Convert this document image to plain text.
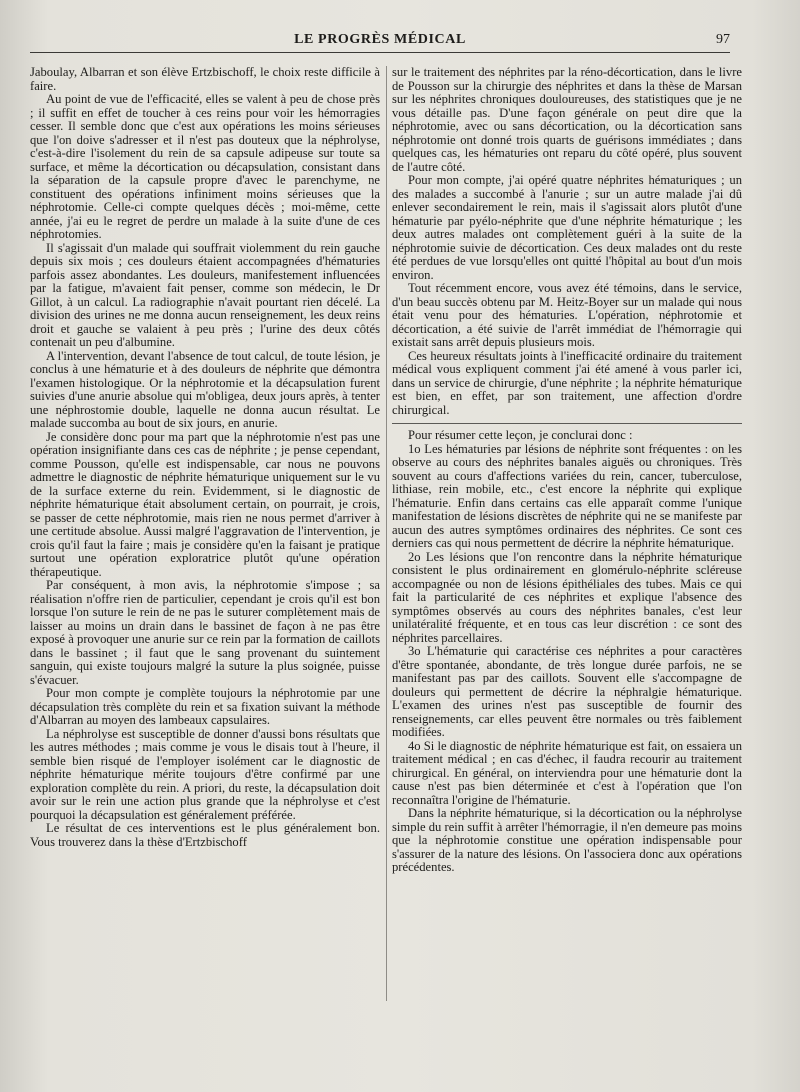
LE PROGRÈS MÉDICAL	97

Jaboulay, Albarran et son élève Ertzbischoff, le choix reste difficile à faire.

Au point de vue de l'efficacité, elles se valent à peu de chose près ; il suffit en effet de toucher à ces reins pour voir les hémorragies cesser. Il semble donc que c'est aux opérations les moins sérieuses que l'on doive s'adresser et il n'est pas douteux que la néphrolyse, c'est-à-dire l'isolement du rein de sa capsule adipeuse sur toute sa surface, et même la décortication ou décapsulation, consistant dans la séparation de la capsule propre d'avec le parenchyme, ne constituent des opérations infiniment moins sérieuses que la néphrotomie. Celle-ci compte quelques décès ; moi-même, cette année, j'ai eu le regret de perdre un malade à la suite d'une de ces néphrotomies.

Il s'agissait d'un malade qui souffrait violemment du rein gauche depuis six mois ; ces douleurs étaient accompagnées d'hématuries parfois assez abondantes. Les douleurs, manifestement influencées par la fatigue, m'avaient fait penser, comme son médecin, le Dr Gillot, à un calcul. La radiographie n'avait pourtant rien décelé. La division des urines ne me donna aucun renseignement, les deux reins droit et gauche se valaient à peu près ; l'urine des deux côtés contenait un peu d'albumine.

A l'intervention, devant l'absence de tout calcul, de toute lésion, je conclus à une hématurie et à des douleurs de néphrite que démontra l'examen histologique. Or la néphrotomie et la décapsulation furent suivies d'une anurie absolue qui m'obligea, deux jours après, à tenter une néphrostomie double, laquelle ne donna aucun résultat. Le malade succomba au bout de six jours, en anurie.

Je considère donc pour ma part que la néphrotomie n'est pas une opération insignifiante dans ces cas de néphrite ; je pense cependant, comme Pousson, qu'elle est indispensable, car nous ne pouvons admettre le diagnostic de néphrite hématurique uniquement sur le vu de la surface externe du rein. Evidemment, si le diagnostic de néphrite hématurique était absolument certain, on pourrait, je crois, se passer de cette néphrotomie, mais rien ne nous permet d'arriver à une certitude absolue. Aussi malgré l'aggravation de l'intervention, je crois qu'il faut la faire ; mais je considère qu'en la faisant je pratique surtout une opération exploratrice plutôt qu'une opération thérapeutique.

Par conséquent, à mon avis, la néphrotomie s'impose ; sa réalisation n'offre rien de particulier, cependant je crois qu'il est bon lorsque l'on suture le rein de ne pas le suturer complètement mais de laisser au moins un drain dans le bassinet de façon à ne pas être exposé à provoquer une anurie sur ce rein par la formation de caillots dans le bassinet ; il faut que le sang provenant du suintement sanguin, qui existe toujours malgré la suture la plus soignée, puisse s'évacuer.

Pour mon compte je complète toujours la néphrotomie par une décapsulation très complète du rein et sa fixation suivant la méthode d'Albarran au moyen des lambeaux capsulaires.

La néphrolyse est susceptible de donner d'aussi bons résultats que les autres méthodes ; mais comme je vous le disais tout à l'heure, il semble bien risqué de l'employer isolément car le diagnostic de néphrite hématurique mérite toujours d'être confirmé par une exploration complète du rein. A priori, du reste, la décapsulation doit avoir sur le rein une action plus grande que la néphrolyse et c'est pourquoi la décapsulation est généralement préférée.

Le résultat de ces interventions est le plus généralement bon. Vous trouverez dans la thèse d'Ertzbischoff

sur le traitement des néphrites par la réno-décortication, dans le livre de Pousson sur la chirurgie des néphrites et dans la thèse de Marsan sur les néphrites chroniques douloureuses, des statistiques que je ne vous détaille pas. D'une façon générale on peut dire que la néphrotomie, avec ou sans décortication, ou la décortication sans néphrotomie ont donné trois quarts de guérisons immédiates ; dans quelques cas, les hématuries ont reparu du côté opéré, plus souvent de l'autre côté.

Pour mon compte, j'ai opéré quatre néphrites hématuriques ; un des malades a succombé à l'anurie ; sur un autre malade j'ai dû enlever secondairement le rein, mais il s'agissait alors plutôt d'une hématurie par pyélo-néphrite que d'une néphrite hématurique ; les deux autres malades ont complètement guéri à la suite de la néphrotomie suivie de décortication. Ces deux malades ont du reste été perdues de vue lorsqu'elles ont quitté l'hôpital au bout d'un mois environ.

Tout récemment encore, vous avez été témoins, dans le service, d'un beau succès obtenu par M. Heitz-Boyer sur un malade qui nous était venu pour des hématuries. L'opération, néphrotomie et décortication, a été suivie de l'arrêt immédiat de l'hémorragie qui existait sans arrêt depuis plusieurs mois.

Ces heureux résultats joints à l'inefficacité ordinaire du traitement médical vous expliquent comment j'ai été amené à vous parler ici, dans un service de chirurgie, d'une néphrite ; la néphrite hématurique est bien, en effet, par son traitement, une affection d'ordre chirurgical.

Pour résumer cette leçon, je conclurai donc :

1o Les hématuries par lésions de néphrite sont fréquentes : on les observe au cours des néphrites banales aiguës ou chroniques. Très souvent au cours d'affections variées du rein, cancer, tuberculose, lithiase, rein mobile, etc., c'est encore la néphrite qui explique l'hématurie. Enfin dans certains cas elle apparaît comme l'unique manifestation de lésions discrètes de néphrite qui ne se manifeste par aucun des autres symptômes ordinaires des néphrites. Ce sont ces derniers cas qui nous permettent de décrire la néphrite hématurique.

2o Les lésions que l'on rencontre dans la néphrite hématurique consistent le plus ordinairement en glomérulo-néphrite scléreuse accompagnée ou non de lésions épithéliales des tubes. Mais ce qui fait la particularité de ces néphrites et explique l'absence des symptômes observés au cours des néphrites banales, c'est leur unilatéralité fréquente, et en tous cas leur discrétion : ce sont des néphrites parcellaires.

3o L'hématurie qui caractérise ces néphrites a pour caractères d'être spontanée, abondante, de très longue durée parfois, ne se manifestant pas par des caillots. Souvent elle s'accompagne de douleurs qui permettent de décrire la néphralgie hématurique. L'examen des urines n'est pas susceptible de fournir des renseignements, car elles peuvent être normales ou très faiblement modifiées.

4o Si le diagnostic de néphrite hématurique est fait, on essaiera un traitement médical ; en cas d'échec, il faudra recourir au traitement chirurgical. En général, on interviendra pour une hématurie dont la cause n'est pas bien déterminée et c'est à l'opération que l'on reconnaîtra l'origine de l'hématurie.

Dans la néphrite hématurique, si la décortication ou la néphrolyse simple du rein suffit à arrêter l'hémorragie, il n'en demeure pas moins que la néphrotomie constitue une opération indispensable pour s'assurer de la nature des lésions. On l'associera donc aux opérations précédentes.
